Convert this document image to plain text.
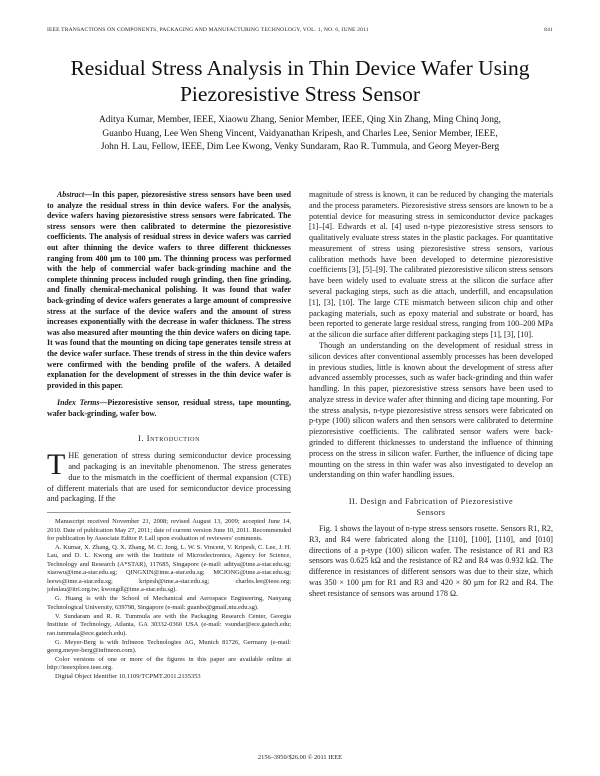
IEEE TRANSACTIONS ON COMPONENTS, PACKAGING AND MANUFACTURING TECHNOLOGY, VOL. 1, NO. 6, JUNE 2011	841
Residual Stress Analysis in Thin Device Wafer Using Piezoresistive Stress Sensor
Aditya Kumar, Member, IEEE, Xiaowu Zhang, Senior Member, IEEE, Qing Xin Zhang, Ming Chinq Jong,
Guanbo Huang, Lee Wen Sheng Vincent, Vaidyanathan Kripesh, and Charles Lee, Senior Member, IEEE,
John H. Lau, Fellow, IEEE, Dim Lee Kwong, Venky Sundaram, Rao R. Tummula, and Georg Meyer-Berg

Abstract—In this paper, piezoresistive stress sensors have been used to analyze the residual stress in thin device wafers. For the analysis, device wafers having piezoresistive stress sensors were fabricated. The stress sensors were then calibrated to determine the piezoresistive coefficients. The analysis of residual stress in device wafers was carried out after thinning the device wafers to three different thicknesses ranging from 400 μm to 100 μm. The thinning process was performed with the help of commercial wafer back-grinding machine and the complete thinning process included rough grinding, then fine grinding, and finally chemical-mechanical polishing. It was found that wafer back-grinding of device wafers generates a large amount of compressive stress at the surface of the device wafers and the amount of stress increases exponentially with the decrease in wafer thickness. The stress was also measured after mounting the thin device wafers on dicing tape. It was found that the mounting on dicing tape generates tensile stress at the device wafer surface. These trends of stress in the thin device wafers were confirmed with the bending profile of the wafers. A detailed explanation for the development of stresses in the thin device wafer is provided in this paper.

Index Terms—Piezoresistive sensor, residual stress, tape mounting, wafer back-grinding, wafer bow.

I. Introduction

THE generation of stress during semiconductor device processing and packaging is an inevitable phenomenon. The stress generates due to the mismatch in the coefficient of thermal expansion (CTE) of different materials that are used for semiconductor device processing and packaging. If the

Manuscript received November 21, 2008; revised August 13, 2009; accepted June 14, 2010. Date of publication May 27, 2011; date of current version June 10, 2011. Recommended for publication by Associate Editor P. Lall upon evaluation of reviewers' comments.

A. Kumar, X. Zhang, Q. X. Zhang, M. C. Jong, L. W. S. Vincent, V. Kripesh, C. Lee, J. H. Lau, and D. L. Kwong are with the Institute of Microelectronics, Agency for Science, Technology and Research (A*STAR), 117685, Singapore (e-mail: aditya@ime.a-star.edu.sg; xiaowu@ime.a-star.edu.sg; QINGXIN@ime.a-star.edu.sg; MCJONG@ime.a-star.edu.sg; leews@ime.a-star.edu.sg; kripesh@ime.a-star.edu.sg; charles.lee@ieee.org; johnlau@itri.org.tw; kwongdl@ime.a-star.edu.sg).

G. Huang is with the School of Mechanical and Aerospace Engineering, Nanyang Technological University, 639798, Singapore (e-mail: guanbo@gmail.ntu.edu.sg).

V. Sundaram and R. R. Tummula are with the Packaging Research Center, Georgia Institute of Technology, Atlanta, GA 30332-0360 USA (e-mail: vsundar@ece.gatech.edu; rao.tummala@ece.gatech.edu).

G. Meyer-Berg is with Infineon Technologies AG, Munich 81726, Germany (e-mail: georg.meyer-berg@infineon.com).

Color versions of one or more of the figures in this paper are available online at http://ieeexplore.ieee.org.

Digital Object Identifier 10.1109/TCPMT.2011.2135353

magnitude of stress is known, it can be reduced by changing the materials and the process parameters. Piezoresistive stress sensors are known to be a potential device for measuring stress in semiconductor device packages [1]–[4]. Edwards et al. [4] used n-type piezoresistive stress sensors to qualitatively evaluate stress states in the plastic packages. For quantitative measurement of stress using piezoresistive stress sensors, various calibration methods have been developed to determine piezoresistive coefficients [3], [5]–[9]. The calibrated piezoresistive silicon stress sensors have been widely used to evaluate stress at the silicon die surface after several packaging steps, such as die attach, underfill, and encapsulation [1], [3], [10]. The large CTE mismatch between silicon chip and other packaging materials, such as epoxy material and substrate or board, has been reported to generate large residual stress, ranging from 100–200 MPa at the silicon die surface after different packaging steps [1], [3], [10].

Though an understanding on the development of residual stress in silicon devices after conventional assembly processes has been developed in previous studies, little is known about the development of stress after advanced assembly processes, such as wafer back-grinding and thin wafer handling. In this paper, piezoresistive stress sensors have been used to analyze stress in device wafer after thinning and dicing tape mounting. For the stress analysis, n-type piezoresistive stress sensors were fabricated on p-type (100) silicon wafers and then sensors were calibrated to determine piezoresistive coefficients. The calibrated sensor wafers were back-grinded to different thicknesses to understand the influence of thinning process on the stress in silicon wafer. Further, the influence of dicing tape mounting on the stress in thin wafer was also investigated to develop an understanding on thin wafer handling issues.

II. Design and Fabrication of Piezoresistive
Sensors

Fig. 1 shows the layout of n-type stress sensors rosette. Sensors R1, R2, R3, and R4 were fabricated along the [110], [100], [110], and [010] directions of a p-type (100) silicon wafer. The resistance of R1 and R3 sensors was 0.625 kΩ and the resistance of R2 and R4 was 0.932 kΩ. The difference in resistances of different sensors was due to their size, which was 350 × 100 μm for R1 and R3 and 420 × 80 μm for R2 and R4. The sheet resistance of sensors was around 178 Ω.

2156–3950/$26.00 © 2011 IEEE
